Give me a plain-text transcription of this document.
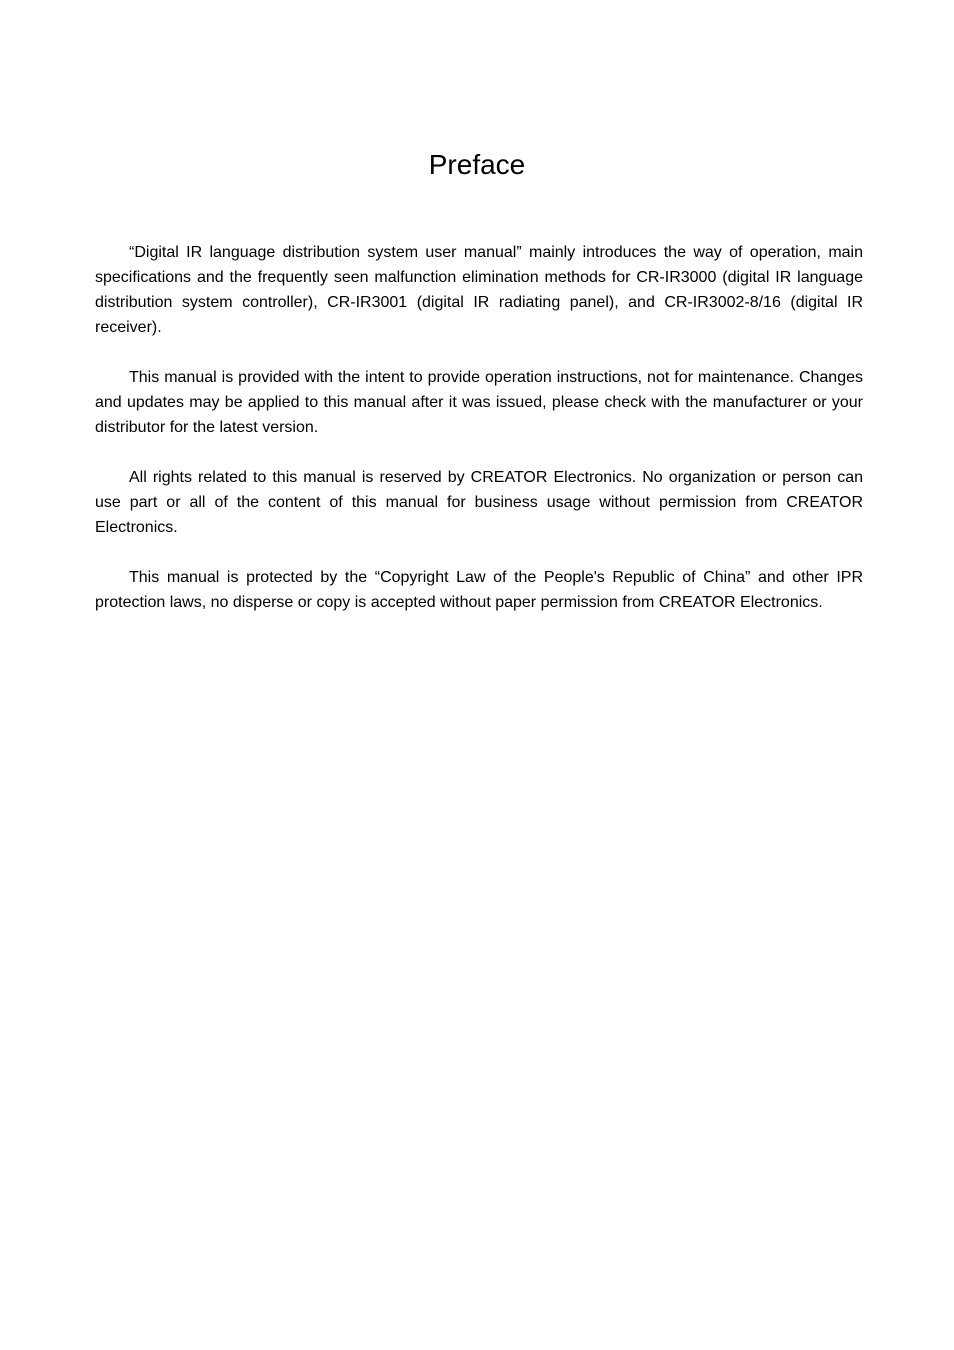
Preface

“Digital IR language distribution system user manual” mainly introduces the way of operation, main specifications and the frequently seen malfunction elimination methods for CR-IR3000 (digital IR language distribution system controller), CR-IR3001 (digital IR radiating panel), and CR-IR3002-8/16 (digital IR receiver).

This manual is provided with the intent to provide operation instructions, not for maintenance. Changes and updates may be applied to this manual after it was issued, please check with the manufacturer or your distributor for the latest version.

All rights related to this manual is reserved by CREATOR Electronics. No organization or person can use part or all of the content of this manual for business usage without permission from CREATOR Electronics.

This manual is protected by the “Copyright Law of the People's Republic of China” and other IPR protection laws, no disperse or copy is accepted without paper permission from CREATOR Electronics.
